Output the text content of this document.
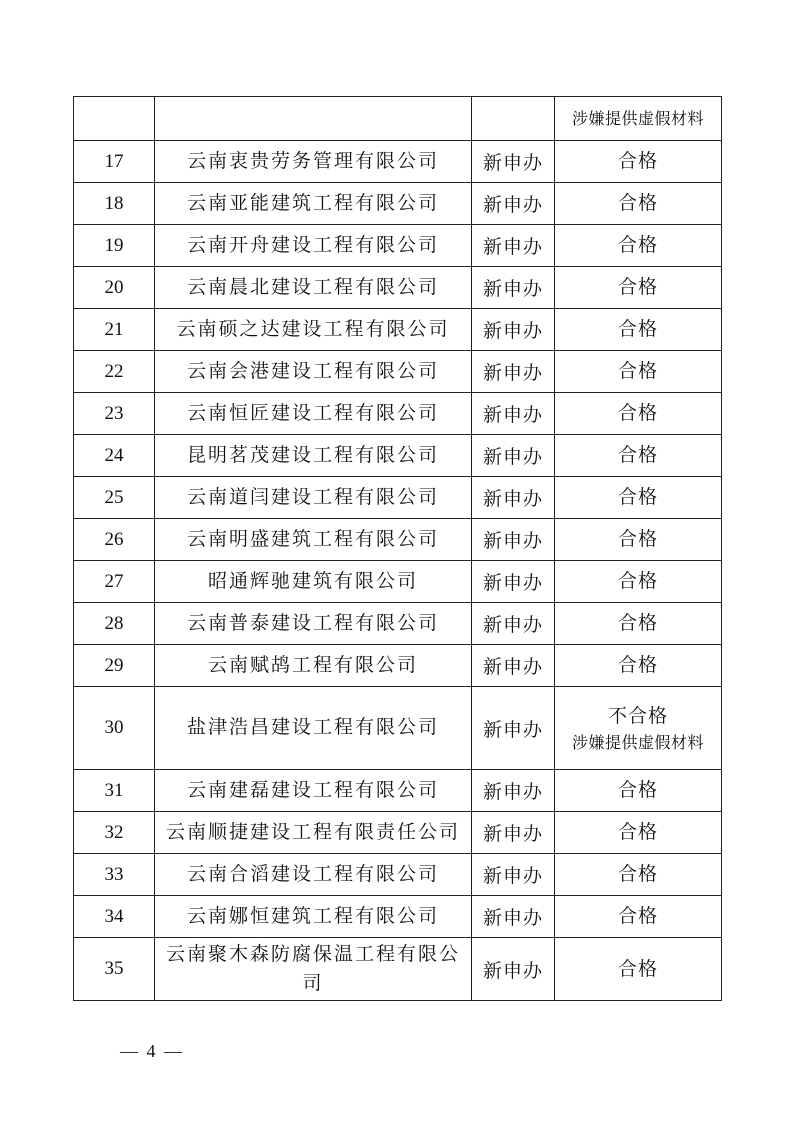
			涉嫌提供虚假材料

17	云南衷贵劳务管理有限公司	新申办	合格

18	云南亚能建筑工程有限公司	新申办	合格

19	云南开舟建设工程有限公司	新申办	合格

20	云南晨北建设工程有限公司	新申办	合格

21	云南硕之达建设工程有限公司	新申办	合格

22	云南会港建设工程有限公司	新申办	合格

23	云南恒匠建设工程有限公司	新申办	合格

24	昆明茗茂建设工程有限公司	新申办	合格

25	云南道闫建设工程有限公司	新申办	合格

26	云南明盛建筑工程有限公司	新申办	合格

27	昭通辉驰建筑有限公司	新申办	合格

28	云南普泰建设工程有限公司	新申办	合格

29	云南赋鸪工程有限公司	新申办	合格

30	盐津浩昌建设工程有限公司	新申办	不合格
涉嫌提供虚假材料

31	云南建磊建设工程有限公司	新申办	合格

32	云南顺捷建设工程有限责任公司	新申办	合格

33	云南合滔建设工程有限公司	新申办	合格

34	云南娜恒建筑工程有限公司	新申办	合格

35	云南聚木森防腐保温工程有限公司	新申办	合格
— 4 —
